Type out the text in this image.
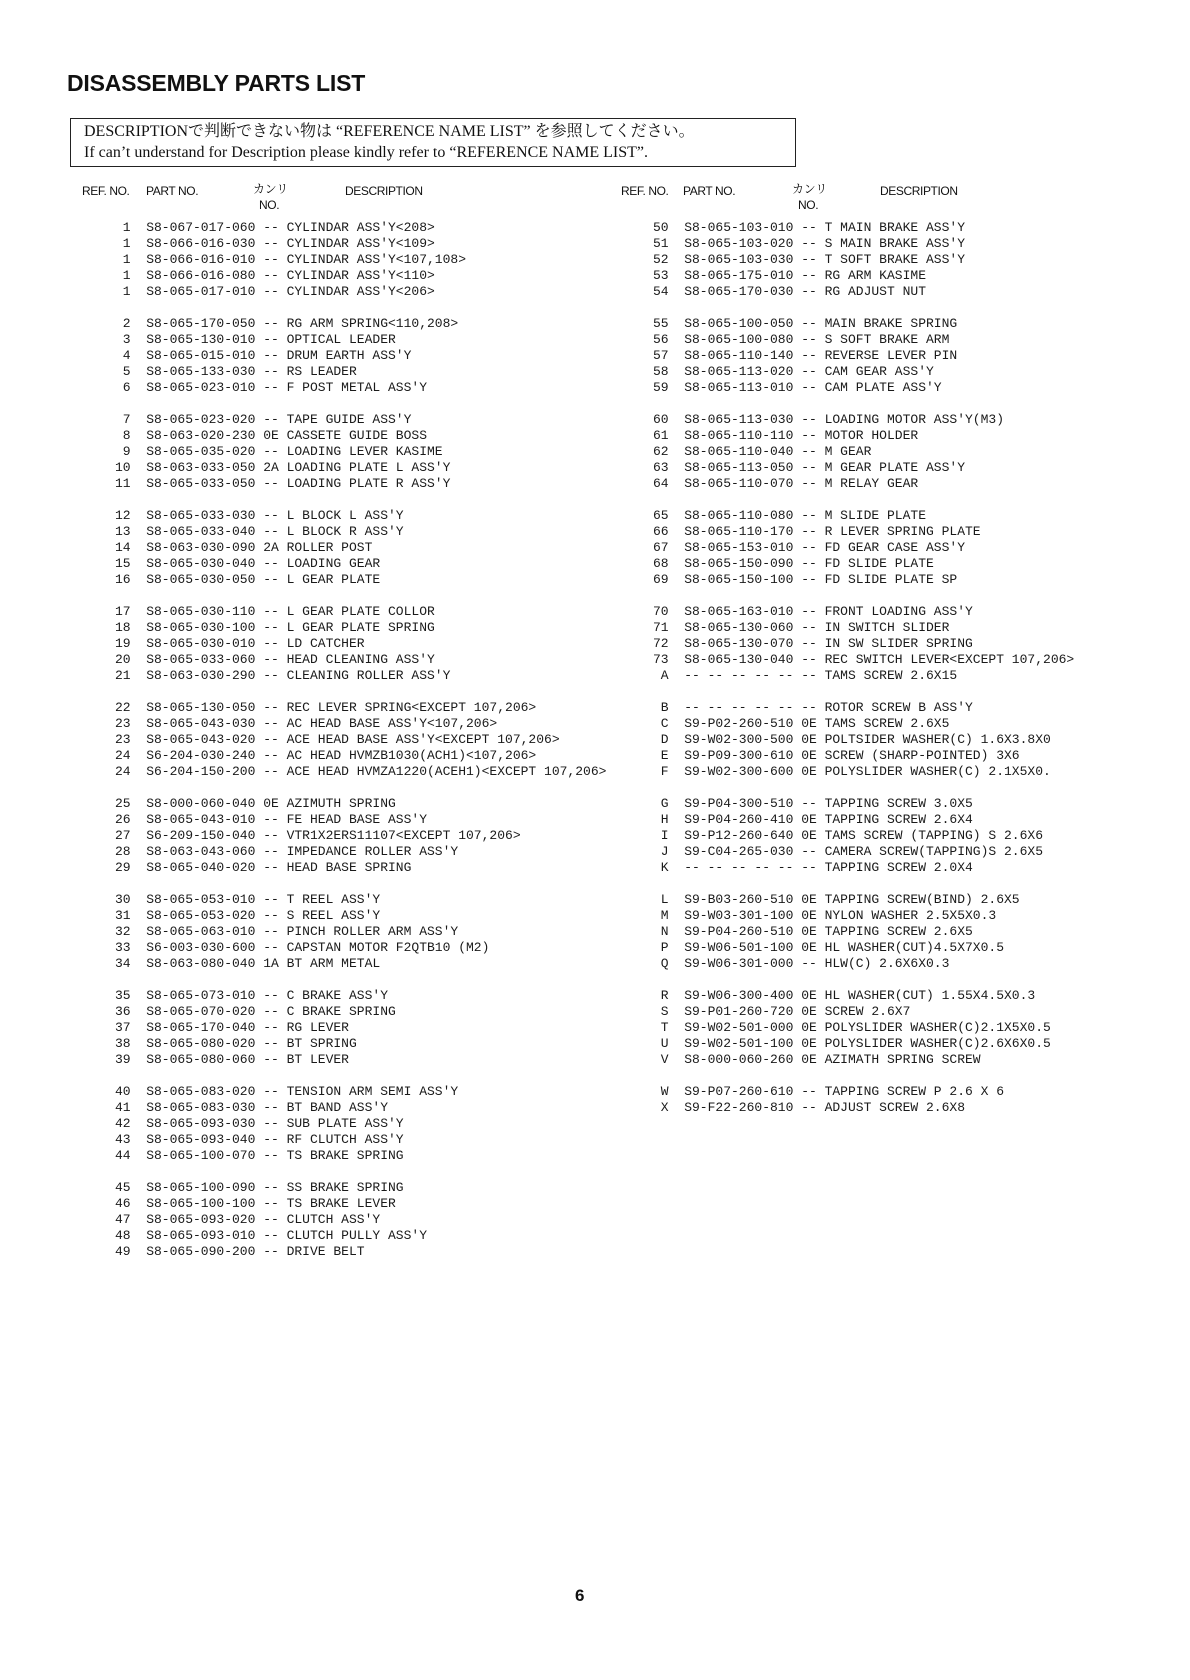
DISASSEMBLY PARTS LIST
DESCRIPTIONで判断できない物は “REFERENCE NAME LIST” を参照してください。
If can’t understand for Description please kindly refer to “REFERENCE NAME LIST”.
REF. NO. PART NO.	カンリ
NO.
DESCRIPTION	REF. NO. PART NO.	カンリ
NO.
DESCRIPTION
1 S8-067-017-060 -- CYLINDAR ASS'Y<208>
1 S8-066-016-030 -- CYLINDAR ASS'Y<109>
1 S8-066-016-010 -- CYLINDAR ASS'Y<107,108>
1 S8-066-016-080 -- CYLINDAR ASS'Y<110>
1 S8-065-017-010 -- CYLINDAR ASS'Y<206>
2 S8-065-170-050 -- RG ARM SPRING<110,208>
3 S8-065-130-010 -- OPTICAL LEADER
4 S8-065-015-010 -- DRUM EARTH ASS'Y
5 S8-065-133-030 -- RS LEADER
6 S8-065-023-010 -- F POST METAL ASS'Y
7 S8-065-023-020 -- TAPE GUIDE ASS'Y
8 S8-063-020-230 0E CASSETE GUIDE BOSS
9 S8-065-035-020 -- LOADING LEVER KASIME
10 S8-063-033-050 2A LOADING PLATE L ASS'Y
11 S8-065-033-050 -- LOADING PLATE R ASS'Y
12 S8-065-033-030 -- L BLOCK L ASS'Y
13 S8-065-033-040 -- L BLOCK R ASS'Y
14 S8-063-030-090 2A ROLLER POST
15 S8-065-030-040 -- LOADING GEAR
16 S8-065-030-050 -- L GEAR PLATE
17 S8-065-030-110 -- L GEAR PLATE COLLOR
18 S8-065-030-100 -- L GEAR PLATE SPRING
19 S8-065-030-010 -- LD CATCHER
20 S8-065-033-060 -- HEAD CLEANING ASS'Y
21 S8-063-030-290 -- CLEANING ROLLER ASS'Y
22 S8-065-130-050 -- REC LEVER SPRING<EXCEPT 107,206>
23 S8-065-043-030 -- AC HEAD BASE ASS'Y<107,206>
23 S8-065-043-020 -- ACE HEAD BASE ASS'Y<EXCEPT 107,206>
24 S6-204-030-240 -- AC HEAD HVMZB1030(ACH1)<107,206>
24 S6-204-150-200 -- ACE HEAD HVMZA1220(ACEH1)<EXCEPT 107,206>
25 S8-000-060-040 0E AZIMUTH SPRING
26 S8-065-043-010 -- FE HEAD BASE ASS'Y
27 S6-209-150-040 -- VTR1X2ERS11107<EXCEPT 107,206>
28 S8-063-043-060 -- IMPEDANCE ROLLER ASS'Y
29 S8-065-040-020 -- HEAD BASE SPRING
30 S8-065-053-010 -- T REEL ASS'Y
31 S8-065-053-020 -- S REEL ASS'Y
32 S8-065-063-010 -- PINCH ROLLER ARM ASS'Y
33 S6-003-030-600 -- CAPSTAN MOTOR F2QTB10 (M2)
34 S8-063-080-040 1A BT ARM METAL
35 S8-065-073-010 -- C BRAKE ASS'Y
36 S8-065-070-020 -- C BRAKE SPRING
37 S8-065-170-040 -- RG LEVER
38 S8-065-080-020 -- BT SPRING
39 S8-065-080-060 -- BT LEVER
40 S8-065-083-020 -- TENSION ARM SEMI ASS'Y
41 S8-065-083-030 -- BT BAND ASS'Y
42 S8-065-093-030 -- SUB PLATE ASS'Y
43 S8-065-093-040 -- RF CLUTCH ASS'Y
44 S8-065-100-070 -- TS BRAKE SPRING
45 S8-065-100-090 -- SS BRAKE SPRING
46 S8-065-100-100 -- TS BRAKE LEVER
47 S8-065-093-020 -- CLUTCH ASS'Y
48 S8-065-093-010 -- CLUTCH PULLY ASS'Y
49 S8-065-090-200 -- DRIVE BELT
50 S8-065-103-010 -- T MAIN BRAKE ASS'Y
51 S8-065-103-020 -- S MAIN BRAKE ASS'Y
52 S8-065-103-030 -- T SOFT BRAKE ASS'Y
53 S8-065-175-010 -- RG ARM KASIME
54 S8-065-170-030 -- RG ADJUST NUT
55 S8-065-100-050 -- MAIN BRAKE SPRING
56 S8-065-100-080 -- S SOFT BRAKE ARM
57 S8-065-110-140 -- REVERSE LEVER PIN
58 S8-065-113-020 -- CAM GEAR ASS'Y
59 S8-065-113-010 -- CAM PLATE ASS'Y
60 S8-065-113-030 -- LOADING MOTOR ASS'Y(M3)
61 S8-065-110-110 -- MOTOR HOLDER
62 S8-065-110-040 -- M GEAR
63 S8-065-113-050 -- M GEAR PLATE ASS'Y
64 S8-065-110-070 -- M RELAY GEAR
65 S8-065-110-080 -- M SLIDE PLATE
66 S8-065-110-170 -- R LEVER SPRING PLATE
67 S8-065-153-010 -- FD GEAR CASE ASS'Y
68 S8-065-150-090 -- FD SLIDE PLATE
69 S8-065-150-100 -- FD SLIDE PLATE SP
70 S8-065-163-010 -- FRONT LOADING ASS'Y
71 S8-065-130-060 -- IN SWITCH SLIDER
72 S8-065-130-070 -- IN SW SLIDER SPRING
73 S8-065-130-040 -- REC SWITCH LEVER<EXCEPT 107,206>
A -- -- -- -- -- -- TAMS SCREW 2.6X15
B -- -- -- -- -- -- ROTOR SCREW B ASS'Y
C S9-P02-260-510 0E TAMS SCREW 2.6X5
D S9-W02-300-500 0E POLTSIDER WASHER(C) 1.6X3.8X0
E S9-P09-300-610 0E SCREW (SHARP-POINTED) 3X6
F S9-W02-300-600 0E POLYSLIDER WASHER(C) 2.1X5X0.
G S9-P04-300-510 -- TAPPING SCREW 3.0X5
H S9-P04-260-410 0E TAPPING SCREW 2.6X4
I S9-P12-260-640 0E TAMS SCREW (TAPPING) S 2.6X6
J S9-C04-265-030 -- CAMERA SCREW(TAPPING)S 2.6X5
K -- -- -- -- -- -- TAPPING SCREW 2.0X4
L S9-B03-260-510 0E TAPPING SCREW(BIND) 2.6X5
M S9-W03-301-100 0E NYLON WASHER 2.5X5X0.3
N S9-P04-260-510 0E TAPPING SCREW 2.6X5
P S9-W06-501-100 0E HL WASHER(CUT)4.5X7X0.5
Q S9-W06-301-000 -- HLW(C) 2.6X6X0.3
R S9-W06-300-400 0E HL WASHER(CUT) 1.55X4.5X0.3
S S9-P01-260-720 0E SCREW 2.6X7
T S9-W02-501-000 0E POLYSLIDER WASHER(C)2.1X5X0.5
U S9-W02-501-100 0E POLYSLIDER WASHER(C)2.6X6X0.5
V S8-000-060-260 0E AZIMATH SPRING SCREW
W S9-P07-260-610 -- TAPPING SCREW P 2.6 X 6
X S9-F22-260-810 -- ADJUST SCREW 2.6X8
6
